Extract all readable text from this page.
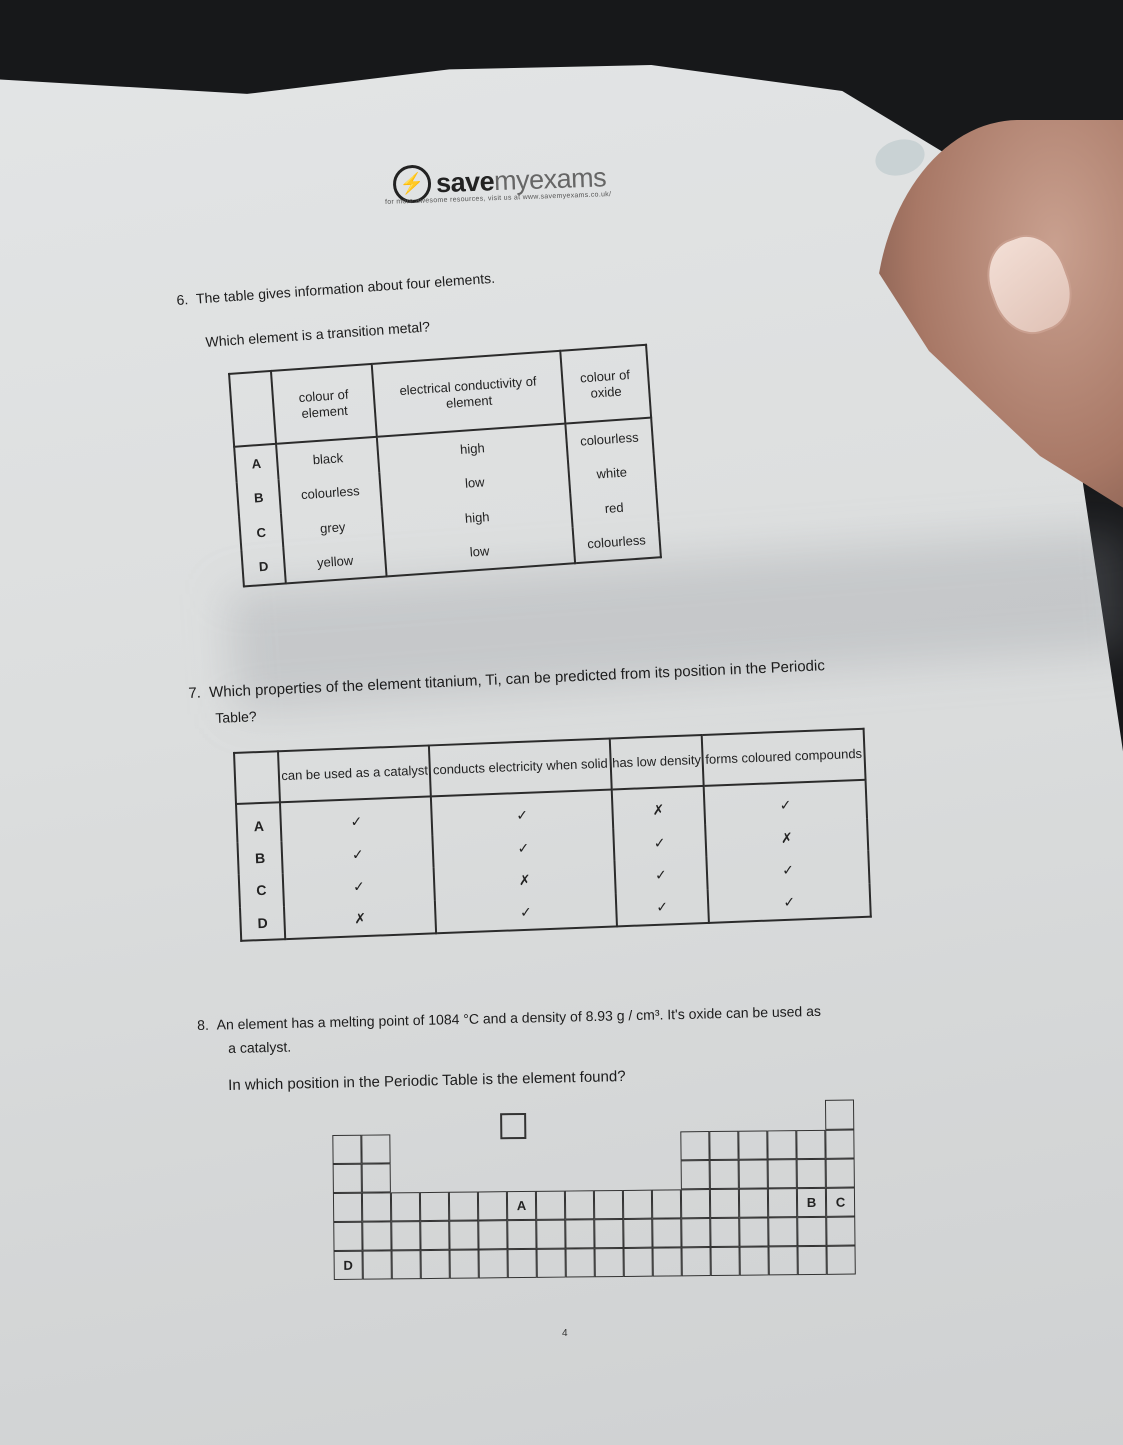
⚡ savemyexams
for more awesome resources, visit us at www.savemyexams.co.uk/
6. The table gives information about four elements.
Which element is a transition metal?
	colour of element	electrical conductivity of element	colour of oxide
A	black	high	colourless
B	colourless	low	white
C	grey	high	red
D	yellow	low	colourless
7. Which properties of the element titanium, Ti, can be predicted from its position in the Periodic
Table?
	can be used as a catalyst	conducts electricity when solid	has low density	forms coloured compounds
A	✓	✓	✗	✓
B	✓	✓	✓	✗
C	✓	✗	✓	✓
D	✗	✓	✓	✓
8. An element has a melting point of 1084 °C and a density of 8.93 g / cm³. It's oxide can be used as
a catalyst.
In which position in the Periodic Table is the element found?
D
A	B	C
4
